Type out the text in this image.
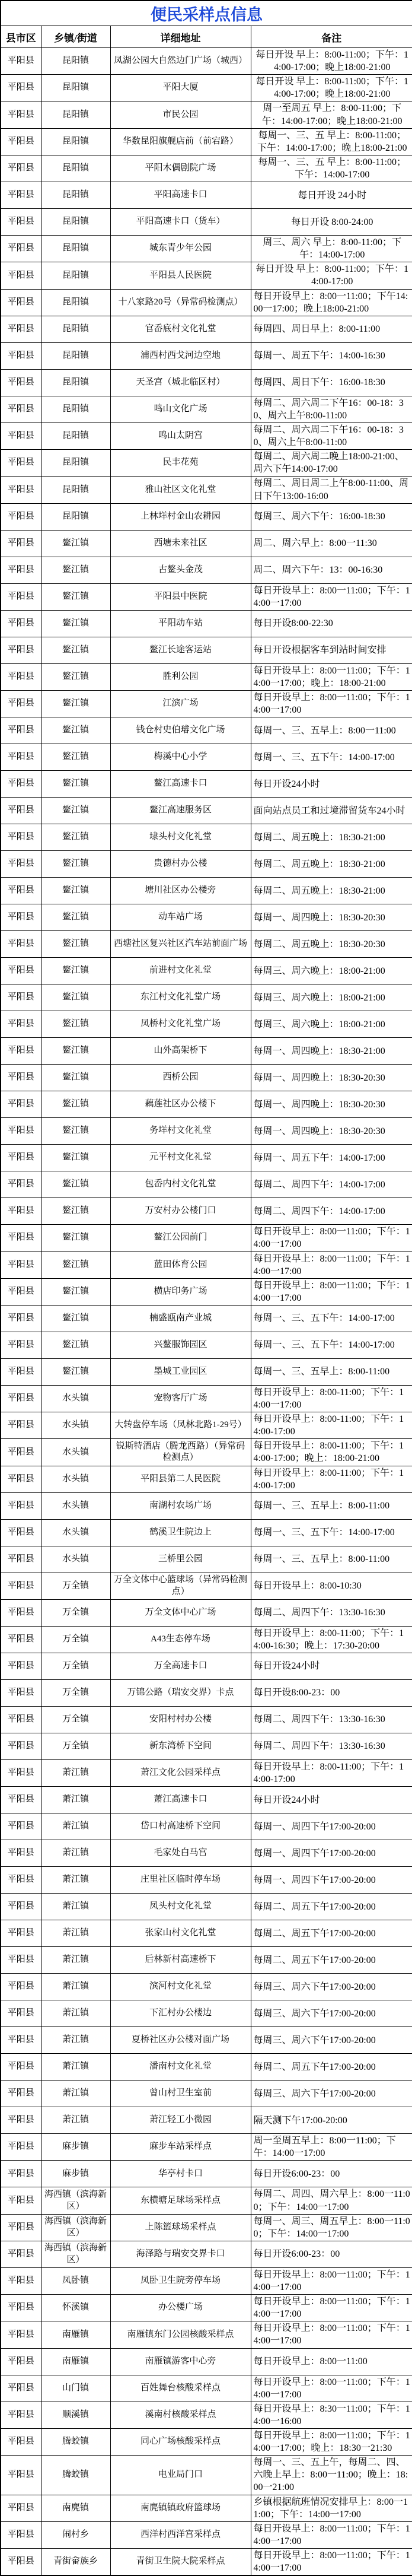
便民采样点信息			
县市区	乡镇/街道	详细地址	备注
平阳县	昆阳镇	凤湖公园大自然边门广场（城西）	每日开设 早上：8:00-11:00；下午：14:00-17:00；晚上18:00-21:00
平阳县	昆阳镇	平阳大厦	每日开设 早上：8:00-11:00；下午：14:00-17:00；晚上18:00-21:00
平阳县	昆阳镇	市民公园	周一至周五 早上：8:00-11:00；下午：14:00-17:00；晚上18:00-21:00
平阳县	昆阳镇	华数昆阳旗舰店前（前宕路）	每周一、三、五 早上：8:00-11:00；下午：14:00-17:00；晚上18:00-21:00
平阳县	昆阳镇	平阳木偶剧院广场	每周一、三、五 早上：8:00-11:00；下午：14:00-17:00
平阳县	昆阳镇	平阳高速卡口	每日开设 24小时
平阳县	昆阳镇	平阳高速卡口（货车）	每日开设 8:00-24:00
平阳县	昆阳镇	城东青少年公园	周三、周六 早上：8:00-11:00；下午：14:00-17:00
平阳县	昆阳镇	平阳县人民医院	每日开设 早上：8:00-11:00；下午：14:00-17:00
平阳县	昆阳镇	十八家路20号（异常码检测点）	每日开设早上：8:00一11:00；下午14:00一17:00；晚上18:00-21:00
平阳县	昆阳镇	官岙底村文化礼堂	每周四、周日早上：8:00-11:00
平阳县	昆阳镇	浦西村西戈河边空地	每周一、周五下午：14:00-16:30
平阳县	昆阳镇	天圣宫（城北临区村）	每周四、周日下午：16:00-18:30
平阳县	昆阳镇	鸣山文化广场	每周二、周六周二下午16：00-18：30、周六上午8:00-11:00
平阳县	昆阳镇	鸣山太阴宫	每周二、周六周二下午16：00-18：30、周六上午8:00-11:00
平阳县	昆阳镇	民丰花苑	每周二、周六周二晚上18:00-21:00、周六下午14:00-17:00
平阳县	昆阳镇	雅山社区文化礼堂	每周二、周日周二上午8:00-11:00、周日下午13:00-16:00
平阳县	昆阳镇	上林垟村金山农耕园	每周三、周六下午：16:00-18:30
平阳县	鳌江镇	西塘未来社区	周二、周六早上：8:00一11:30
平阳县	鳌江镇	古鳌头金茂	周二、周六下午：13：00-16:30
平阳县	鳌江镇	平阳县中医院	每日开设早上：8:00一11:00；下午：14:00一17:00
平阳县	鳌江镇	平阳动车站	每日开设8:00-22:30
平阳县	鳌江镇	鳌江长途客运站	每日开设根据客车到站时间安排
平阳县	鳌江镇	胜利公园	每日开设早上：8:00一11:00；下午：14:00一17:00；晚上：18:00-21:00
平阳县	鳌江镇	江滨广场	每日开设早上：8:00一11:00；下午：14:00一17:00
平阳县	鳌江镇	钱仓村史伯璿文化广场	每周一、三、五早上：8:00一11:00
平阳县	鳌江镇	梅溪中心小学	每周一、三、五下午：14:00-17:00
平阳县	鳌江镇	鳌江高速卡口	每日开设24小时
平阳县	鳌江镇	鳌江高速服务区	面向站点员工和过境滞留货车24小时
平阳县	鳌江镇	埭头村文化礼堂	每周二、周五晚上：18:30-21:00
平阳县	鳌江镇	贵德村办公楼	每周二、周五晚上：18:30-21:00
平阳县	鳌江镇	塘川社区办公楼旁	每周二、周五晚上：18:30-21:00
平阳县	鳌江镇	动车站广场	每周一、周四晚上：18:30-20:30
平阳县	鳌江镇	西塘社区复兴社区汽车站前面广场	每周二、周五晚上：18:30-20:30
平阳县	鳌江镇	前进村文化礼堂	每周三、周六晚上：18:00-21:00
平阳县	鳌江镇	东江村文化礼堂广场	每周三、周六晚上：18:00-21:00
平阳县	鳌江镇	凤桥村文化礼堂广场	每周三、周六晚上：18:00-21:00
平阳县	鳌江镇	山外高架桥下	每周一、周四晚上：18:30-21:00
平阳县	鳌江镇	西桥公园	每周一、周四晚上：18:30-20:30
平阳县	鳌江镇	藕莲社区办公楼下	每周一、周四晚上：18:30-20:30
平阳县	鳌江镇	务垟村文化礼堂	每周一、周四晚上：18:30-20:30
平阳县	鳌江镇	元平村文化礼堂	每周一、周五下午：14:00-17:00
平阳县	鳌江镇	包岙内村文化礼堂	每周二、周四下午：14:00-17:00
平阳县	鳌江镇	万安村办公楼门口	每周二、周四下午：14:00-17:00
平阳县	鳌江镇	鳌江公园前门	每日开设早上：8:00一11:00；下午：14:00一17:00
平阳县	鳌江镇	蓝田体育公园	每日开设早上：8:00一11:00；下午：14:00一17:00
平阳县	鳌江镇	横店印务广场	每日开设早上：8:00一11:00；下午：14:00一17:00
平阳县	鳌江镇	楠盛瓯南产业城	每周一、三、五下午：14:00-17:00
平阳县	鳌江镇	兴鳌服饰园区	每周一、三、五下午：14:00-17:00
平阳县	鳌江镇	墨城工业园区	每周一、三、五早上：8:00-11:00
平阳县	水头镇	宠物客厅广场	每日开设早上：8:00-11:00；下午：14:00一17:00
平阳县	水头镇	大转盘停车场（凤林北路1-29号）	每日开设早上：8:00-11:00；下午：14:00-17:00
平阳县	水头镇	锐斯特酒店（腾龙西路）（异常码检测点）	每日开设早上：8:00-11:00；下午：14:00-17:00；晚上：18:00-21:00
平阳县	水头镇	平阳县第二人民医院	每日开设早上：8:00-11:00；下午：14:00-17:00
平阳县	水头镇	南湖村农场广场	每周一、三、五早上：8:00-11:00
平阳县	水头镇	鹤溪卫生院边上	每周一、三、五下午：14:00-17:00
平阳县	水头镇	三桥里公园	每周一、三、五早上：8:00-11:00
平阳县	万全镇	万全文体中心篮球场（异常码检测点）	每日开设早上：8:00-10:30
平阳县	万全镇	万全文体中心广场	每周二、周四下午：13:30-16:30
平阳县	万全镇	A43生态停车场	每日开设早上：8:00-11:00；下午：14:00-16:30；晚上：17:30-20:00
平阳县	万全镇	万全高速卡口	每日开设24小时
平阳县	万全镇	万锦公路（瑞安交界）卡点	每日开设8:00-23：00
平阳县	万全镇	安阳村村办公楼	每周二、周四下午：13:30-16:30
平阳县	万全镇	新东湾桥下空间	每周二、周四下午：13:30-16:30
平阳县	萧江镇	萧江文化公园采样点	每日开设早上：8:00-11:00；下午：14:00-17:00
平阳县	萧江镇	萧江高速卡口	每日开设24小时
平阳县	萧江镇	岱口村高速桥下空间	每周一、周四下午17:00-20:00
平阳县	萧江镇	毛家处白马宫	每周一、周四下午17:00-20:00
平阳县	萧江镇	庄里社区临时停车场	每周一、周四下午17:00-20:00
平阳县	萧江镇	凤头村文化礼堂	每周二、周五下午17:00-20:00
平阳县	萧江镇	张家山村文化礼堂	每周二、周五下午17:00-20:00
平阳县	萧江镇	后林新村高速桥下	每周二、周五下午17:00-20:00
平阳县	萧江镇	滨河村文化礼堂	每周三、周六下午17:00-20:00
平阳县	萧江镇	下汇村办公楼边	每周三、周六下午17:00-20:00
平阳县	萧江镇	夏桥社区办公楼对面广场	每周三、周六下午17:00-20:00
平阳县	萧江镇	潘南村文化礼堂	每周二、周五下午17:00-20:00
平阳县	萧江镇	曾山村卫生室前	每周三、周六下午17:00-20:00
平阳县	萧江镇	萧江轻工小微园	隔天测下午17:00-20:00
平阳县	麻步镇	麻步车站采样点	周一至周五早上：8:00一11:00；下午：14:00一17:00
平阳县	麻步镇	华亭村卡口	每日开设6:00-23：00
平阳县	海西镇（滨海新区）	东横塘足球场采样点	每周二、周四、周六早上：8:00一11:00；下午：14:00一17:00
平阳县	海西镇（滨海新区）	上陈篮球场采样点	每周一、周三、周五早上：8:00一11:00；下午：14:00一17:00
平阳县	海西镇（滨海新区）	海泽路与瑞安交界卡口	每日开设6:00-23：00
平阳县	凤卧镇	凤卧卫生院旁停车场	每日开设早上：8:00一11:00；下午：14:00一17:00
平阳县	怀溪镇	办公楼广场	每日开设早上：8:00一11:00；下午：14:00一17:00
平阳县	南雁镇	南雁镇东门公园核酸采样点	每日开设早上：8:00一11:00；下午：14:00一17:00
平阳县	南雁镇	南雁镇游客中心旁	每日开设早上：8:00一11:00
平阳县	山门镇	百姓舞台核酸采样点	每日开设早上：8:00一11:00；下午：14:00一17:00
平阳县	顺溪镇	溪南村核酸采样点	每日开设早上：8:30一11:00；下午：14:00一16:00
平阳县	腾蛟镇	同心广场核酸采样点	每日开设早上：8:00一11:00；下午：14:00一17:00；晚上：18:30一21:30
平阳县	腾蛟镇	电业局门口	每周一、三、五上午，每周二、四、六晚上早上：8:00一11:00；晚上：18:00一21:00
平阳县	南麂镇	南麂镇镇政府篮球场	乡镇根据航班情况安排早上：8:00一11:00；下午：14:00一17:00
平阳县	闹村乡	西洋村西洋宫采样点	每日开设早上：8:00一11:00；下午：14:00一17:00
平阳县	青街畲族乡	青街卫生院大院采样点	每日开设早上：8:00一11:00；下午：14:00一17:00
